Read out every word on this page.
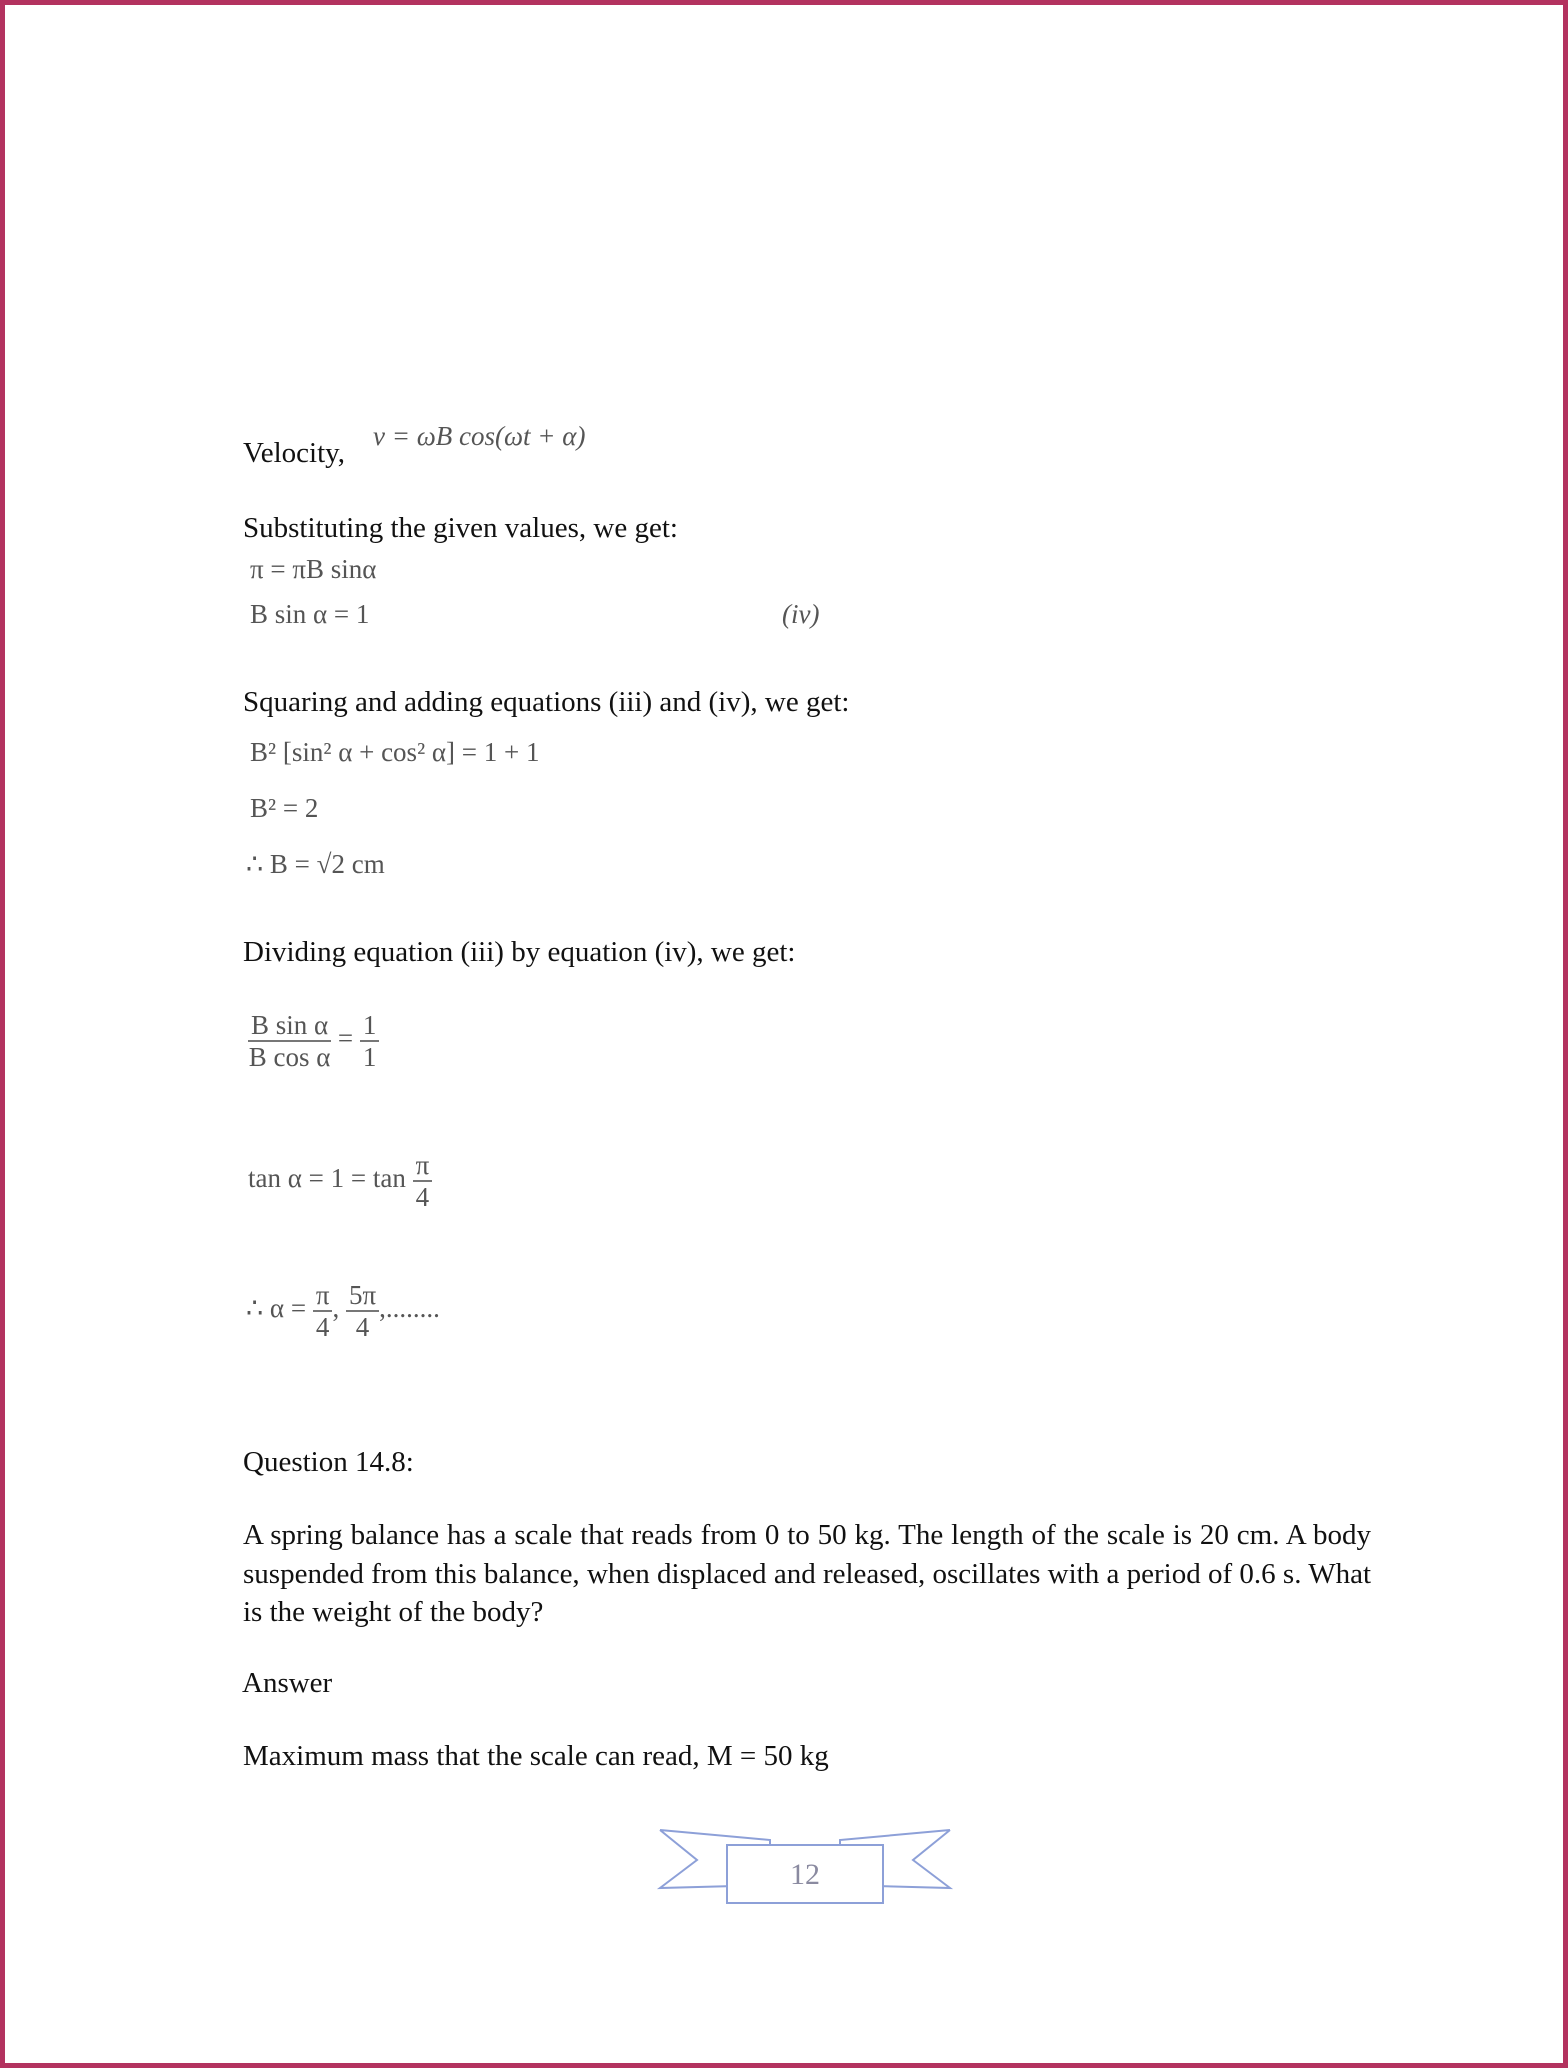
Velocity,
v = ωB cos(ωt + α)
Substituting the given values, we get:
π = πB sinα
B sin α = 1	(iv)
Squaring and adding equations (iii) and (iv), we get:
B² [sin² α + cos² α] = 1 + 1
B² = 2
∴ B = √2 cm
Dividing equation (iii) by equation (iv), we get:
$\frac{\text{B sin α}}{\text{B cos α}} = \frac{1}{1}$
$\tan \alpha = 1 = \tan \frac{\pi}{4}$
∴ $\alpha = \frac{\pi}{4}$ , $\frac{5\pi}{4}$ ,........
Question 14.8:
A spring balance has a scale that reads from 0 to 50 kg. The length of the scale is 20 cm. A body suspended from this balance, when displaced and released, oscillates with a period of 0.6 s. What is the weight of the body?
Answer
Maximum mass that the scale can read, M = 50 kg
12
